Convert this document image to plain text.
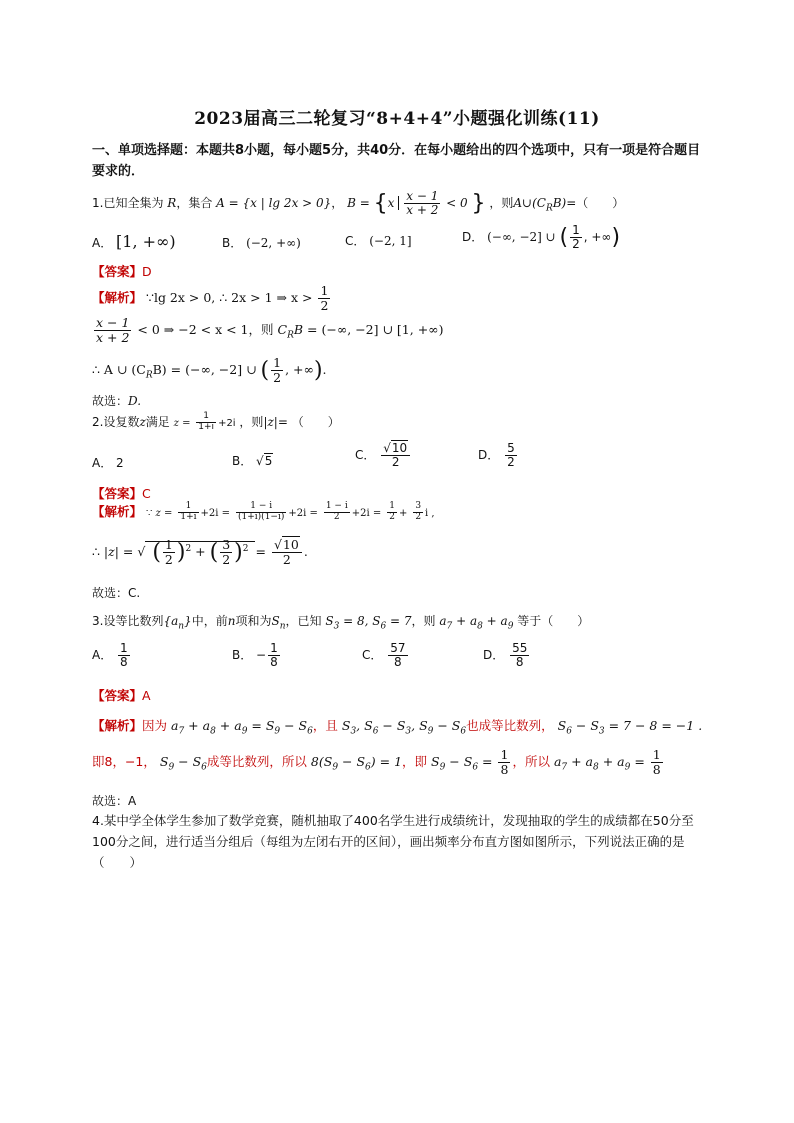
2023届高三二轮复习“8+4+4”小题强化训练(11)
一、单项选择题：本题共8小题，每小题5分，共40分．在每小题给出的四个选项中，只有一项是符合题目要求的．
1.已知全集为 R，集合 A = {x | lg 2x > 0}， $B = \{x \frac{x - 1}{x + 2} < 0$ } ，则$A\cup(C_RB)=$（　　）
A． [1, +∞)	B． (−2, +∞)	C． (−2, 1]	D． (−∞, −2] ∪ ( $\frac{1}{2}$ , +∞)
【答案】D
【解析】 ∵lg 2x > 0, ∴ 2x > 1 ⇒ $x > \frac{1}{2}$
$\frac{x - 1}{x + 2} < 0$ ⇒ −2 < x < 1，则 $C_RB$ = (−∞, −2] ∪ [1, +∞)
∴ A ∪ $(C_RB)$ = (−∞, −2] ∪ ( $\frac{1}{2}$ , +∞).
故选：D.
2.设复数z满足 $z = \frac{1}{1+i} +2i$ ，则|z|= （　　）
A． 2	B． √5	C． $\frac{√10}{2}$	D． $\frac{5}{2}$
【答案】C
【解析】 ∵ $z = \frac{1}{1+i} +2i = \frac{1 - i}{(1+i)(1-i)} +2i = \frac{1 - i}{2} +2i = \frac{1}{2} + \frac{3}{2}$ i ,
∴ |z| = √ ( $\frac{1}{2} )^2$ + ( $\frac{3}{2} )^2 = \frac{√10}{2}$ .
故选：C.
3.设等比数列$\{a_n\}$中，前n项和为$S_n$，已知 $S_3 = 8$, $S_6 = 7$，则 $a_7 + a_8 + a_9$ 等于（　　）
A． $\frac{1}{8}$	B． − $\frac{1}{8}$	C． $\frac{57}{8}$	D． $\frac{55}{8}$
【答案】A
【解析】因为 $a_7 + a_8 + a_9 = S_9 - S_6$，且 $S_3$, $S_6 - S_3$, $S_9 - S_6$也成等比数列， $S_6 - S_3 = 7 - 8 = -1$ .
即8，−1， $S_9 - S_6$成等比数列，所以 $8(S_9 - S_6) = 1$，即 $S_9 - S_6 = \frac{1}{8}$ ，所以 $a_7 + a_8 + a_9 = \frac{1}{8}$
故选：A
4.某中学全体学生参加了数学竞赛，随机抽取了400名学生进行成绩统计，发现抽取的学生的成绩都在50分至100分之间，进行适当分组后（每组为左闭右开的区间），画出频率分布直方图如图所示，下列说法正确的是（　　）
